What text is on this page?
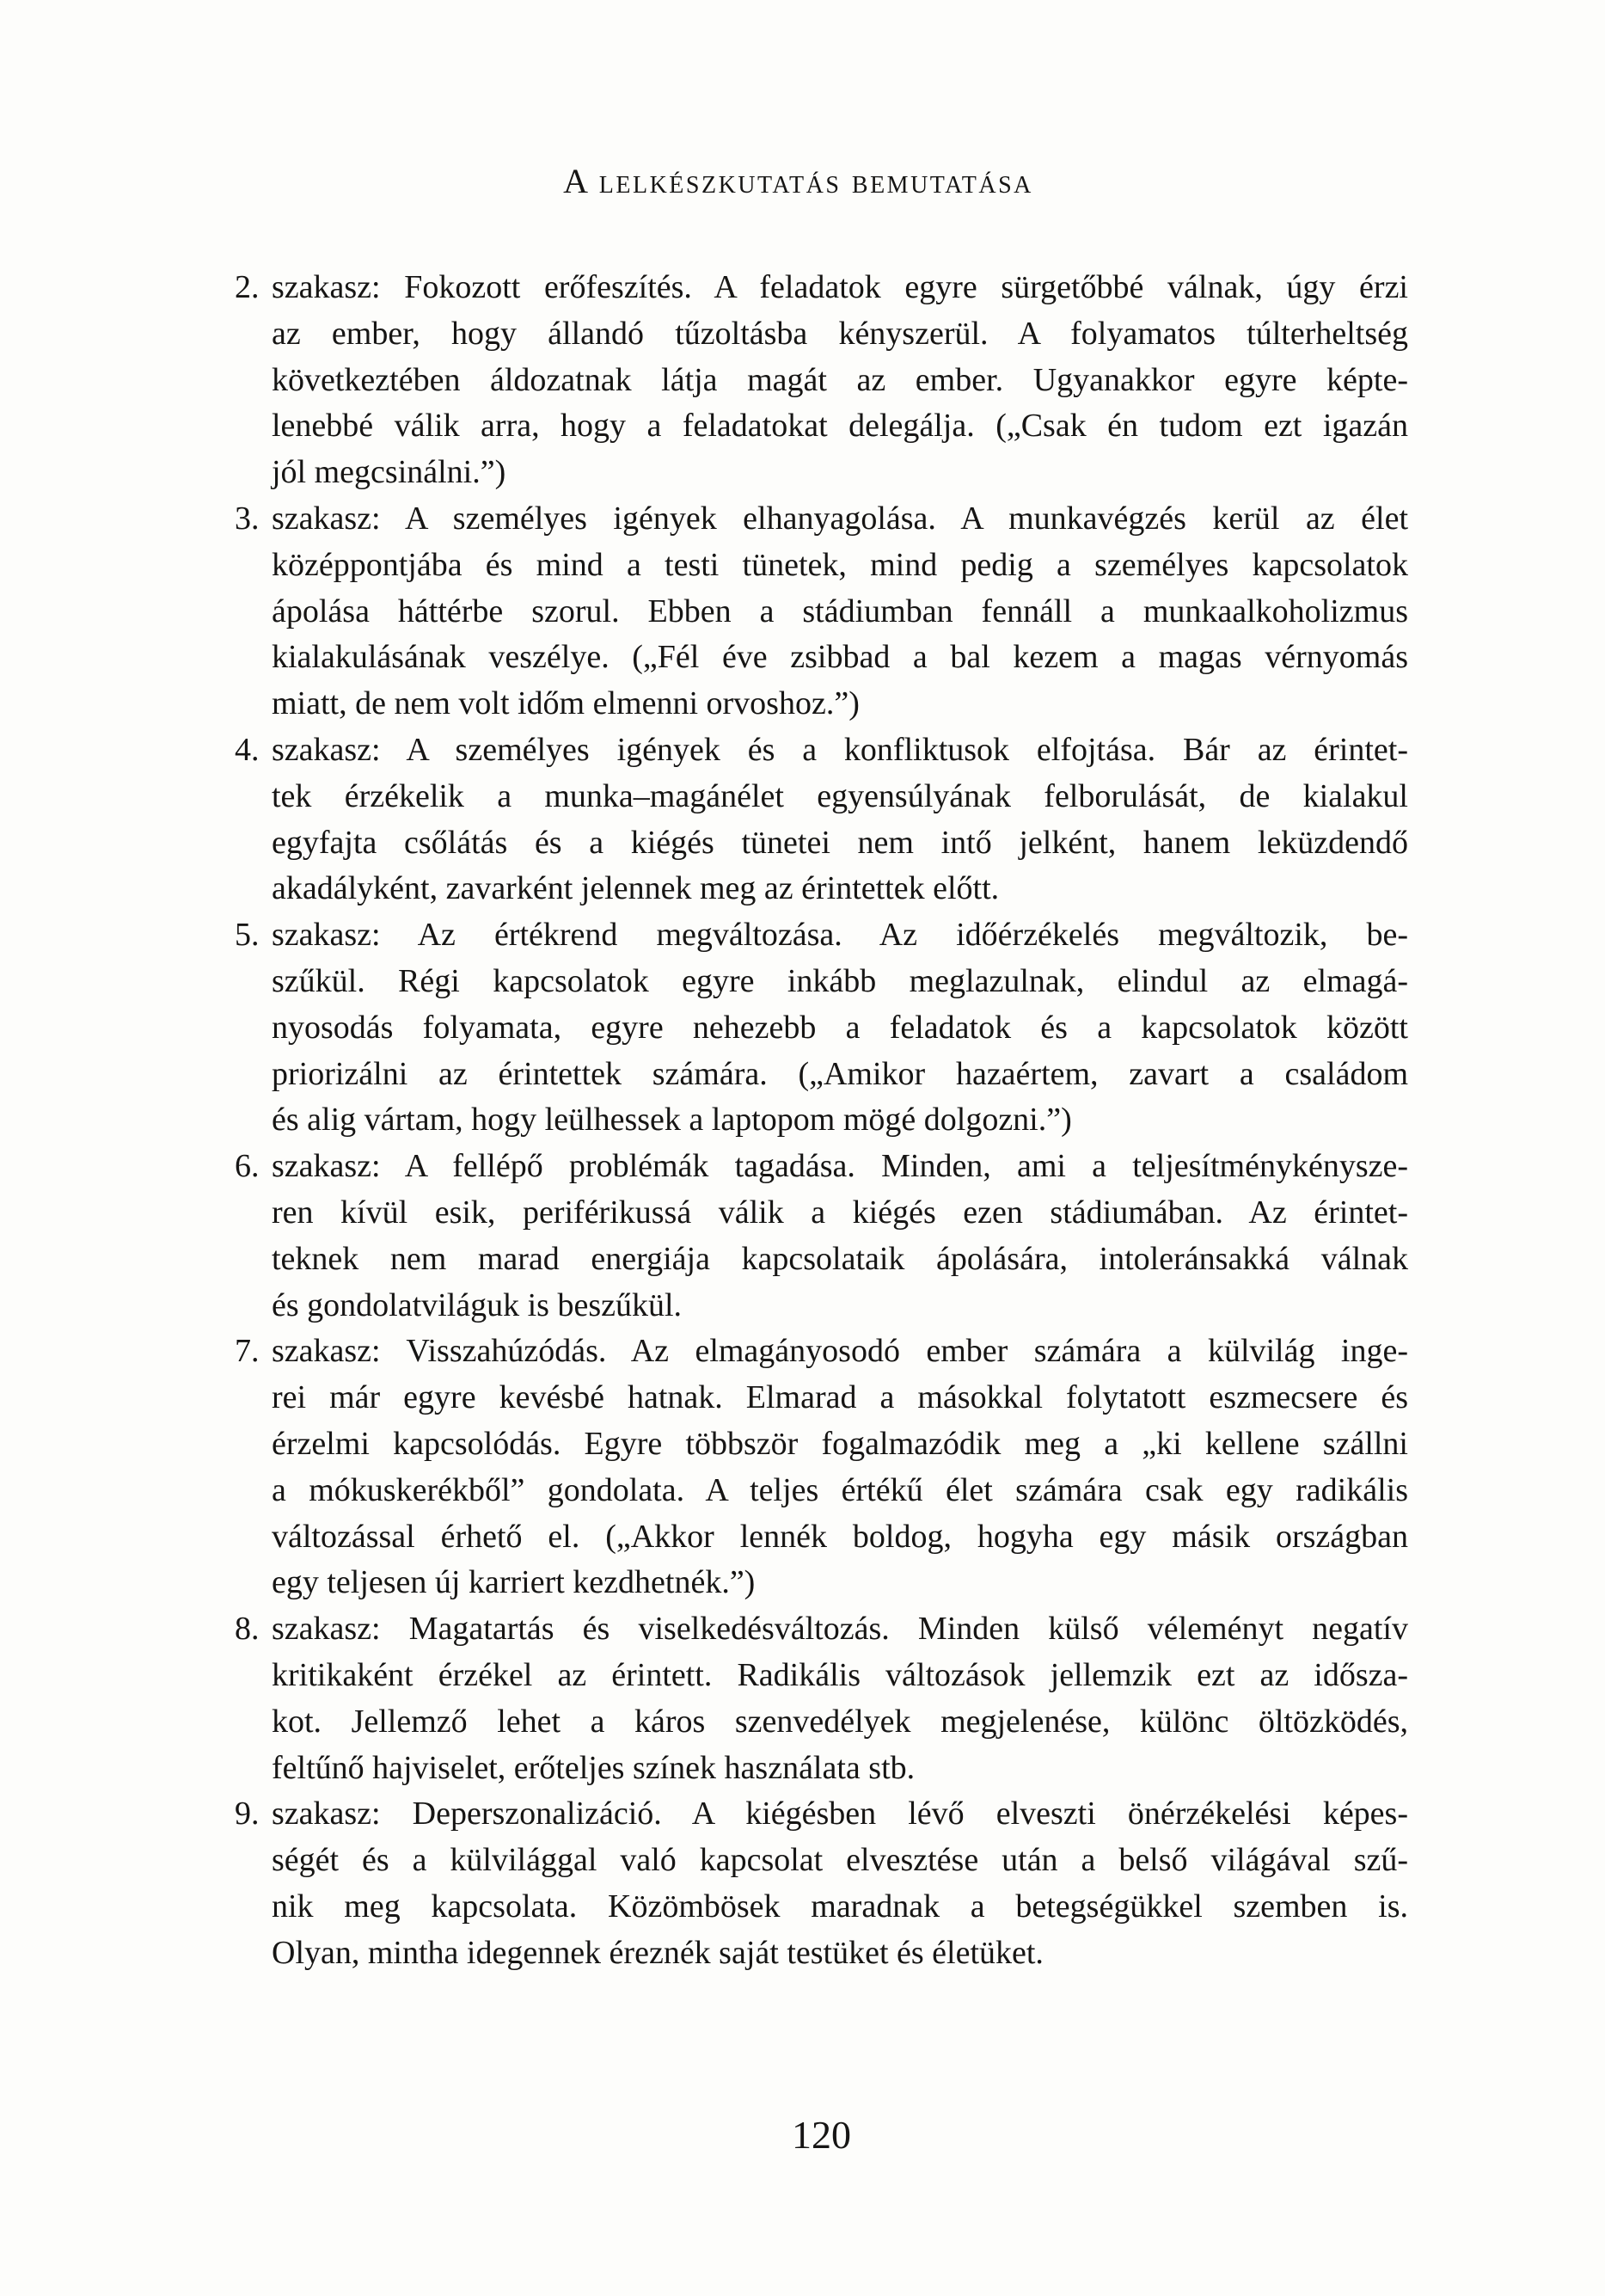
A lelkészkutatás bemutatása
2. szakasz: Fokozott erőfeszítés. A feladatok egyre sürgetőbbé válnak, úgy érzi
az ember, hogy állandó tűzoltásba kényszerül. A folyamatos túlterheltség
következtében áldozatnak látja magát az ember. Ugyanakkor egyre képte-
lenebbé válik arra, hogy a feladatokat delegálja. („Csak én tudom ezt igazán
jól megcsinálni.”)
3. szakasz: A személyes igények elhanyagolása. A munkavégzés kerül az élet
középpontjába és mind a testi tünetek, mind pedig a személyes kapcsolatok
ápolása háttérbe szorul. Ebben a stádiumban fennáll a munkaalkoholizmus
kialakulásának veszélye. („Fél éve zsibbad a bal kezem a magas vérnyomás
miatt, de nem volt időm elmenni orvoshoz.”)
4. szakasz: A személyes igények és a konfliktusok elfojtása. Bár az érintet-
tek érzékelik a munka–magánélet egyensúlyának felborulását, de kialakul
egyfajta csőlátás és a kiégés tünetei nem intő jelként, hanem leküzdendő
akadályként, zavarként jelennek meg az érintettek előtt.
5. szakasz: Az értékrend megváltozása. Az időérzékelés megváltozik, be-
szűkül. Régi kapcsolatok egyre inkább meglazulnak, elindul az elmagá-
nyosodás folyamata, egyre nehezebb a feladatok és a kapcsolatok között
priorizálni az érintettek számára. („Amikor hazaértem, zavart a családom
és alig vártam, hogy leülhessek a laptopom mögé dolgozni.”)
6. szakasz: A fellépő problémák tagadása. Minden, ami a teljesítménykénysze-
ren kívül esik, periférikussá válik a kiégés ezen stádiumában. Az érintet-
teknek nem marad energiája kapcsolataik ápolására, intoleránsakká válnak
és gondolatviláguk is beszűkül.
7. szakasz: Visszahúzódás. Az elmagányosodó ember számára a külvilág inge-
rei már egyre kevésbé hatnak. Elmarad a másokkal folytatott eszmecsere és
érzelmi kapcsolódás. Egyre többször fogalmazódik meg a „ki kellene szállni
a mókuskerékből” gondolata. A teljes értékű élet számára csak egy radikális
változással érhető el. („Akkor lennék boldog, hogyha egy másik országban
egy teljesen új karriert kezdhetnék.”)
8. szakasz: Magatartás és viselkedésváltozás. Minden külső véleményt negatív
kritikaként érzékel az érintett. Radikális változások jellemzik ezt az idősza-
kot. Jellemző lehet a káros szenvedélyek megjelenése, különc öltözködés,
feltűnő hajviselet, erőteljes színek használata stb.
9. szakasz: Deperszonalizáció. A kiégésben lévő elveszti önérzékelési képes-
ségét és a külvilággal való kapcsolat elvesztése után a belső világával szű-
nik meg kapcsolata. Közömbösek maradnak a betegségükkel szemben is.
Olyan, mintha idegennek éreznék saját testüket és életüket.
120
